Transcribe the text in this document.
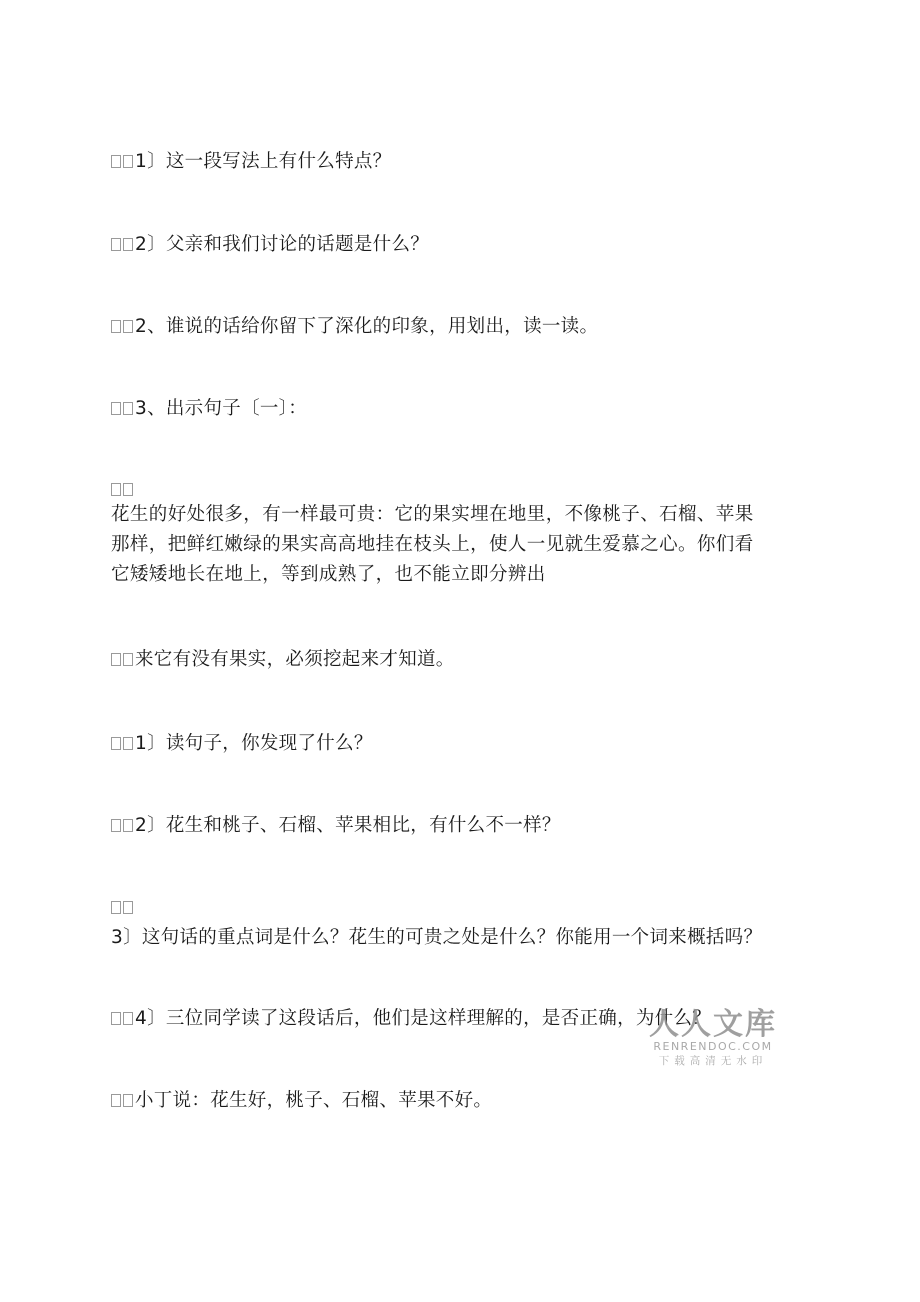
1〕这一段写法上有什么特点？
2〕父亲和我们讨论的话题是什么？
2、谁说的话给你留下了深化的印象，用划出，读一读。
3、出示句子〔一〕：
花生的好处很多，有一样最可贵：它的果实埋在地里，不像桃子、石榴、苹果
那样，把鲜红嫩绿的果实高高地挂在枝头上，使人一见就生爱慕之心。你们看
它矮矮地长在地上，等到成熟了，也不能立即分辨出
来它有没有果实，必须挖起来才知道。
1〕读句子，你发现了什么？
2〕花生和桃子、石榴、苹果相比，有什么不一样？
3〕这句话的重点词是什么？花生的可贵之处是什么？你能用一个词来概括吗？
4〕三位同学读了这段话后，他们是这样理解的，是否正确，为什么？
小丁说：花生好，桃子、石榴、苹果不好。
人人文库
RENRENDOC.COM
下载高清无水印
